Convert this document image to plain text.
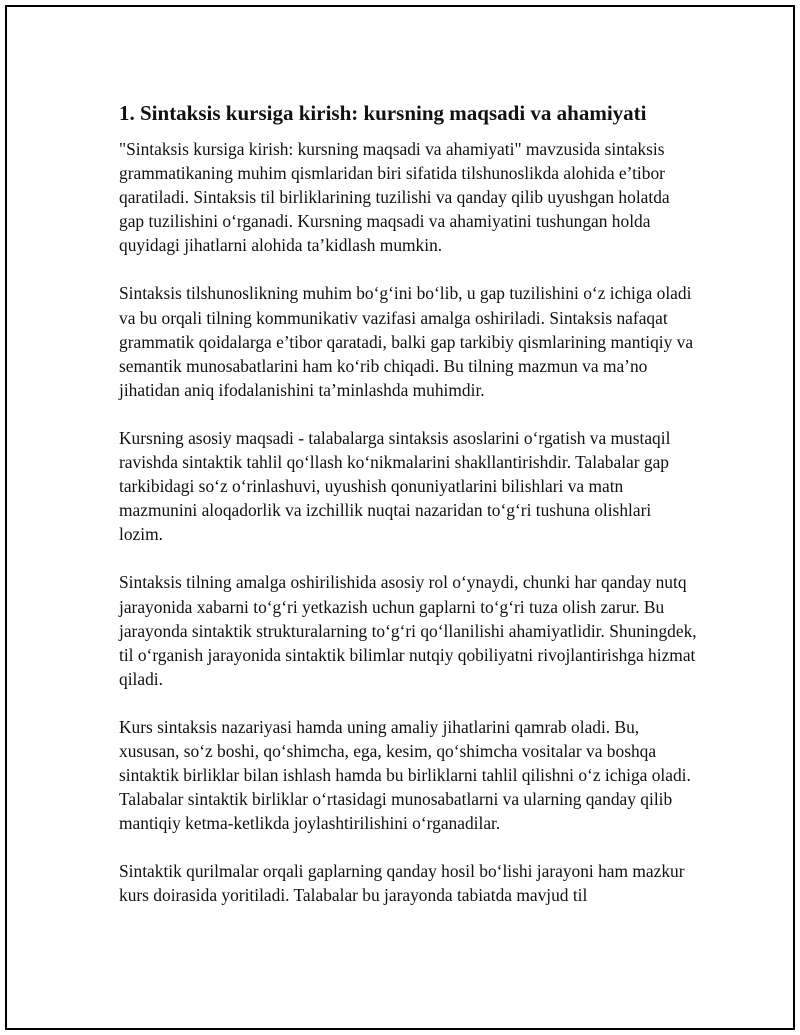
1. Sintaksis kursiga kirish: kursning maqsadi va ahamiyati

"Sintaksis kursiga kirish: kursning maqsadi va ahamiyati" mavzusida sintaksis grammatikaning muhim qismlaridan biri sifatida tilshunoslikda alohida e’tibor qaratiladi. Sintaksis til birliklarining tuzilishi va qanday qilib uyushgan holatda gap tuzilishini o‘rganadi. Kursning maqsadi va ahamiyatini tushungan holda quyidagi jihatlarni alohida ta’kidlash mumkin.

Sintaksis tilshunoslikning muhim bo‘g‘ini bo‘lib, u gap tuzilishini o‘z ichiga oladi va bu orqali tilning kommunikativ vazifasi amalga oshiriladi. Sintaksis nafaqat grammatik qoidalarga e’tibor qaratadi, balki gap tarkibiy qismlarining mantiqiy va semantik munosabatlarini ham ko‘rib chiqadi. Bu tilning mazmun va ma’no jihatidan aniq ifodalanishini ta’minlashda muhimdir.

Kursning asosiy maqsadi - talabalarga sintaksis asoslarini o‘rgatish va mustaqil ravishda sintaktik tahlil qo‘llash ko‘nikmalarini shakllantirishdir. Talabalar gap tarkibidagi so‘z o‘rinlashuvi, uyushish qonuniyatlarini bilishlari va matn mazmunini aloqadorlik va izchillik nuqtai nazaridan to‘g‘ri tushuna olishlari lozim.

Sintaksis tilning amalga oshirilishida asosiy rol o‘ynaydi, chunki har qanday nutq jarayonida xabarni to‘g‘ri yetkazish uchun gaplarni to‘g‘ri tuza olish zarur. Bu jarayonda sintaktik strukturalarning to‘g‘ri qo‘llanilishi ahamiyatlidir. Shuningdek, til o‘rganish jarayonida sintaktik bilimlar nutqiy qobiliyatni rivojlantirishga hizmat qiladi.

Kurs sintaksis nazariyasi hamda uning amaliy jihatlarini qamrab oladi. Bu, xususan, so‘z boshi, qo‘shimcha, ega, kesim, qo‘shimcha vositalar va boshqa sintaktik birliklar bilan ishlash hamda bu birliklarni tahlil qilishni o‘z ichiga oladi. Talabalar sintaktik birliklar o‘rtasidagi munosabatlarni va ularning qanday qilib mantiqiy ketma-ketlikda joylashtirilishini o‘rganadilar.

Sintaktik qurilmalar orqali gaplarning qanday hosil bo‘lishi jarayoni ham mazkur kurs doirasida yoritiladi. Talabalar bu jarayonda tabiatda mavjud til
